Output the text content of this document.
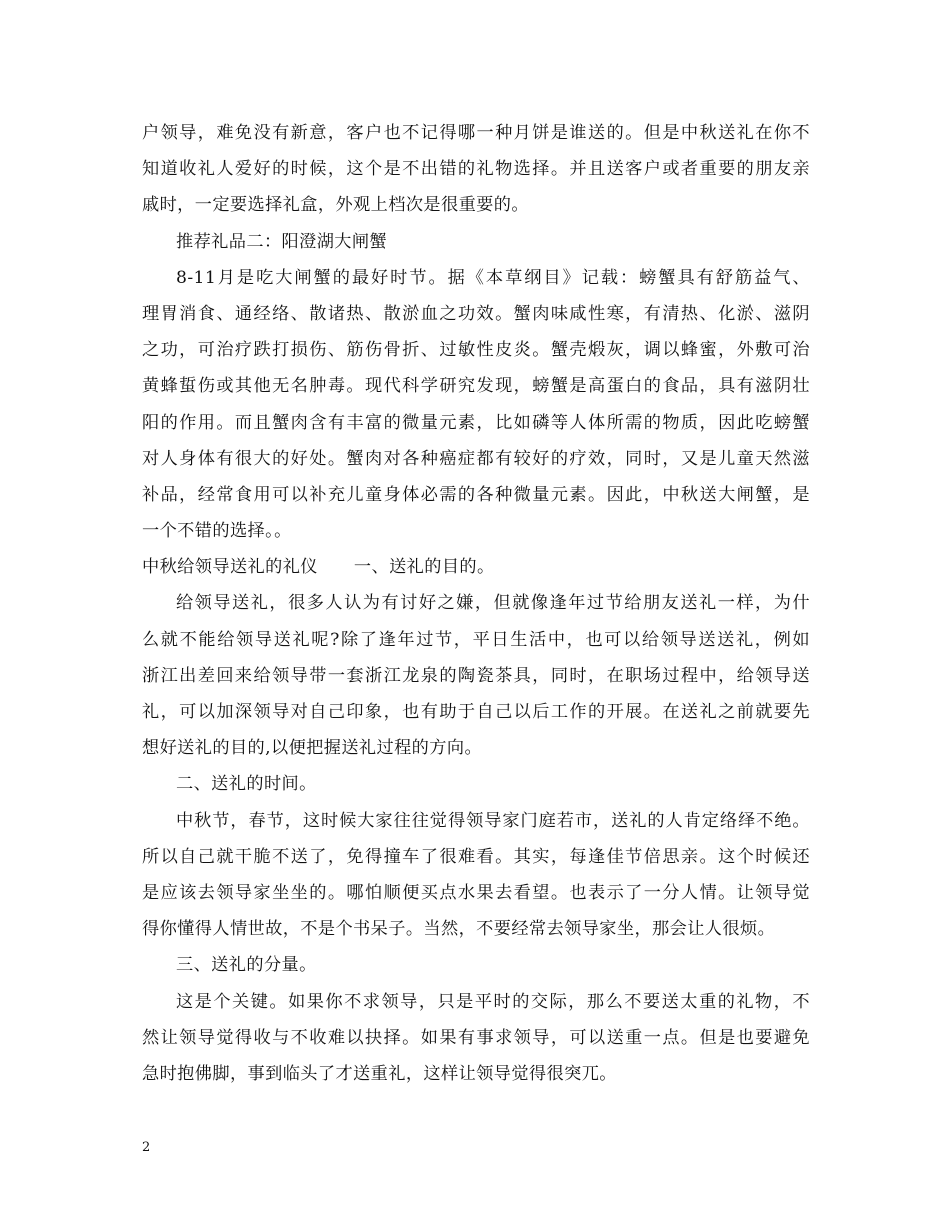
户领导，难免没有新意，客户也不记得哪一种月饼是谁送的。但是中秋送礼在你不
知道收礼人爱好的时候，这个是不出错的礼物选择。并且送客户或者重要的朋友亲
戚时，一定要选择礼盒，外观上档次是很重要的。
推荐礼品二：阳澄湖大闸蟹
8-11月是吃大闸蟹的最好时节。据《本草纲目》记载：螃蟹具有舒筋益气、
理胃消食、通经络、散诸热、散淤血之功效。蟹肉味咸性寒，有清热、化淤、滋阴
之功，可治疗跌打损伤、筋伤骨折、过敏性皮炎。蟹壳煅灰，调以蜂蜜，外敷可治
黄蜂蜇伤或其他无名肿毒。现代科学研究发现，螃蟹是高蛋白的食品，具有滋阴壮
阳的作用。而且蟹肉含有丰富的微量元素，比如磷等人体所需的物质，因此吃螃蟹
对人身体有很大的好处。蟹肉对各种癌症都有较好的疗效，同时，又是儿童天然滋
补品，经常食用可以补充儿童身体必需的各种微量元素。因此，中秋送大闸蟹，是
一个不错的选择。。
中秋给领导送礼的礼仪 一、送礼的目的。
给领导送礼，很多人认为有讨好之嫌，但就像逢年过节给朋友送礼一样，为什
么就不能给领导送礼呢?除了逢年过节，平日生活中，也可以给领导送送礼，例如
浙江出差回来给领导带一套浙江龙泉的陶瓷茶具，同时，在职场过程中，给领导送
礼，可以加深领导对自己印象，也有助于自己以后工作的开展。在送礼之前就要先
想好送礼的目的,以便把握送礼过程的方向。
二、送礼的时间。
中秋节，春节，这时候大家往往觉得领导家门庭若市，送礼的人肯定络绎不绝。
所以自己就干脆不送了，免得撞车了很难看。其实，每逢佳节倍思亲。这个时候还
是应该去领导家坐坐的。哪怕顺便买点水果去看望。也表示了一分人情。让领导觉
得你懂得人情世故，不是个书呆子。当然，不要经常去领导家坐，那会让人很烦。
三、送礼的分量。
这是个关键。如果你不求领导，只是平时的交际，那么不要送太重的礼物，不
然让领导觉得收与不收难以抉择。如果有事求领导，可以送重一点。但是也要避免
急时抱佛脚，事到临头了才送重礼，这样让领导觉得很突兀。
2
